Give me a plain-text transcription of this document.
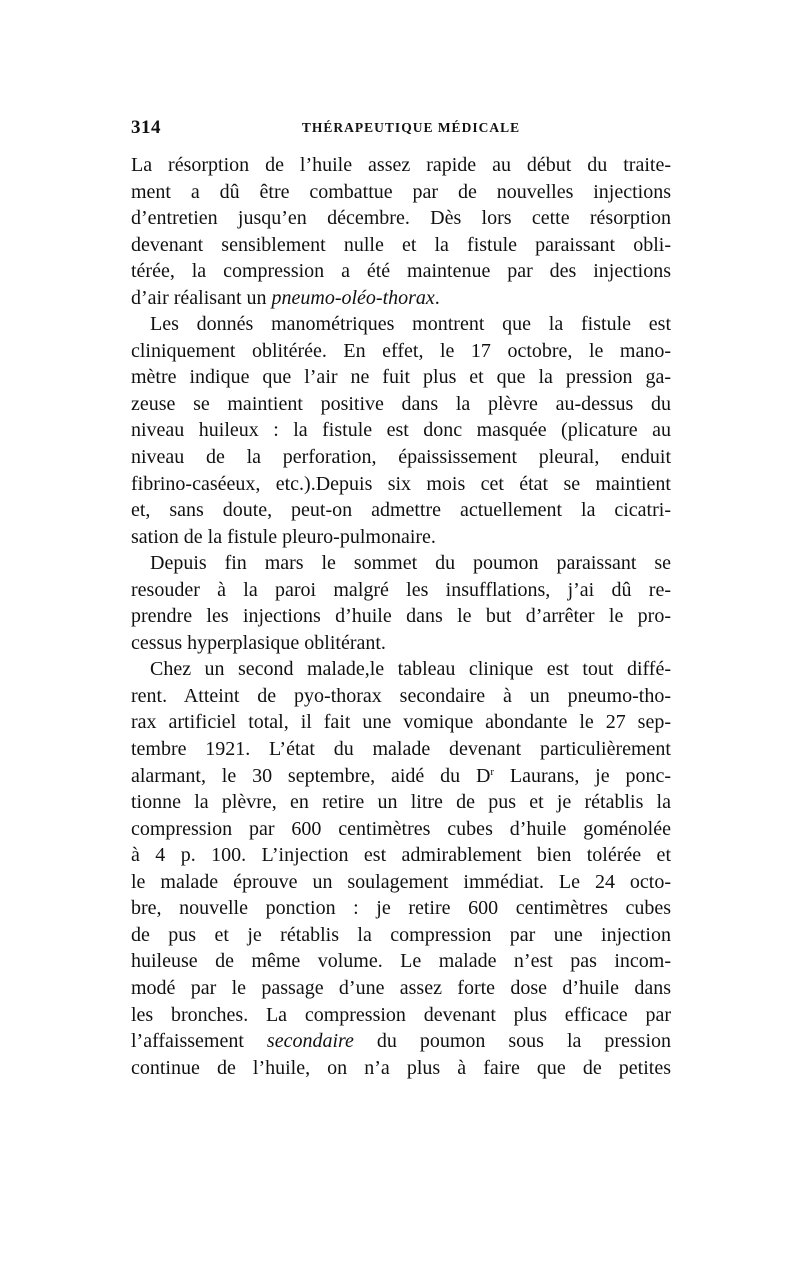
314	THÉRAPEUTIQUE MÉDICALE
La résorption de l’huile assez rapide au début du traite-
ment a dû être combattue par de nouvelles injections
d’entretien jusqu’en décembre. Dès lors cette résorption
devenant sensiblement nulle et la fistule paraissant obli-
térée, la compression a été maintenue par des injections
d’air réalisant un pneumo-oléo-thorax.
Les donnés manométriques montrent que la fistule est
cliniquement oblitérée. En effet, le 17 octobre, le mano-
mètre indique que l’air ne fuit plus et que la pression ga-
zeuse se maintient positive dans la plèvre au-dessus du
niveau huileux : la fistule est donc masquée (plicature au
niveau de la perforation, épaississement pleural, enduit
fibrino-caséeux, etc.).Depuis six mois cet état se maintient
et, sans doute, peut-on admettre actuellement la cicatri-
sation de la fistule pleuro-pulmonaire.
Depuis fin mars le sommet du poumon paraissant se
resouder à la paroi malgré les insufflations, j’ai dû re-
prendre les injections d’huile dans le but d’arrêter le pro-
cessus hyperplasique oblitérant.
Chez un second malade,le tableau clinique est tout diffé-
rent. Atteint de pyo-thorax secondaire à un pneumo-tho-
rax artificiel total, il fait une vomique abondante le 27 sep-
tembre 1921. L’état du malade devenant particulièrement
alarmant, le 30 septembre, aidé du $D^r$ Laurans, je ponc-
tionne la plèvre, en retire un litre de pus et je rétablis la
compression par 600 centimètres cubes d’huile goménolée
à 4 p. 100. L’injection est admirablement bien tolérée et
le malade éprouve un soulagement immédiat. Le 24 octo-
bre, nouvelle ponction : je retire 600 centimètres cubes
de pus et je rétablis la compression par une injection
huileuse de même volume. Le malade n’est pas incom-
modé par le passage d’une assez forte dose d’huile dans
les bronches. La compression devenant plus efficace par
l’affaissement secondaire du poumon sous la pression
continue de l’huile, on n’a plus à faire que de petites
